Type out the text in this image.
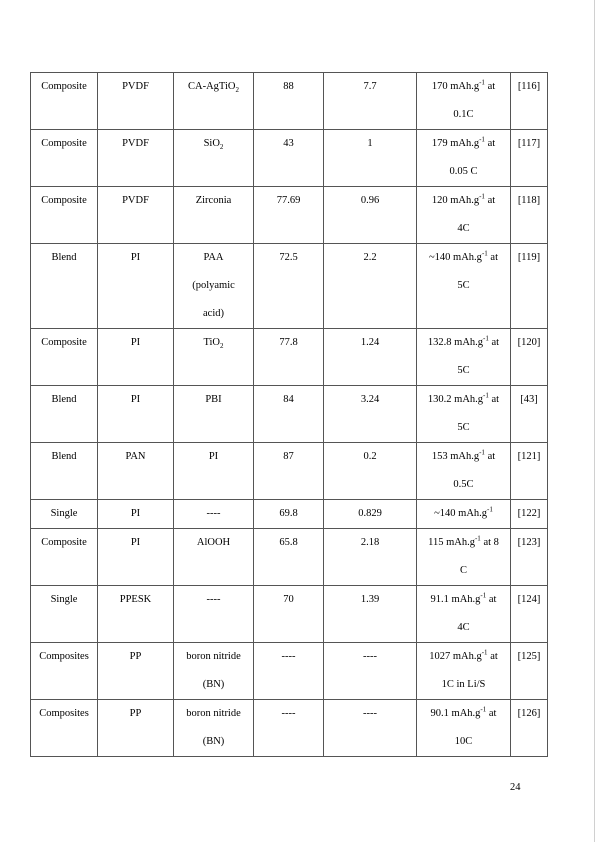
Composite	PVDF	CA-AgTiO$_2$	88	7.7	170 $mAh.g^{-1}$ at
0.1C	[116]
Composite	PVDF	SiO$_2$	43	1	179 $mAh.g^{-1}$ at
0.05 C	[117]
Composite	PVDF	Zirconia	77.69	0.96	120 $mAh.g^{-1}$ at
4C	[118]
Blend	PI	PAA
(polyamic
acid)	72.5	2.2	~140 $mAh.g^{-1}$ at
5C	[119]
Composite	PI	TiO$_2$	77.8	1.24	132.8 $mAh.g^{-1}$ at
5C	[120]
Blend	PI	PBI	84	3.24	130.2 $mAh.g^{-1}$ at
5C	[43]
Blend	PAN	PI	87	0.2	153 $mAh.g^{-1}$ at
0.5C	[121]
Single	PI	----	69.8	0.829	~140 $mAh.g^{-1}$	[122]
Composite	PI	AlOOH	65.8	2.18	115 $mAh.g^{-1}$ at 8
C	[123]
Single	PPESK	----	70	1.39	91.1 $mAh.g^{-1}$ at
4C	[124]
Composites	PP	boron nitride
(BN)	----	----	1027 $mAh.g^{-1}$ at
1C in Li/S	[125]
Composites	PP	boron nitride
(BN)	----	----	90.1 $mAh.g^{-1}$ at
10C	[126]
24
